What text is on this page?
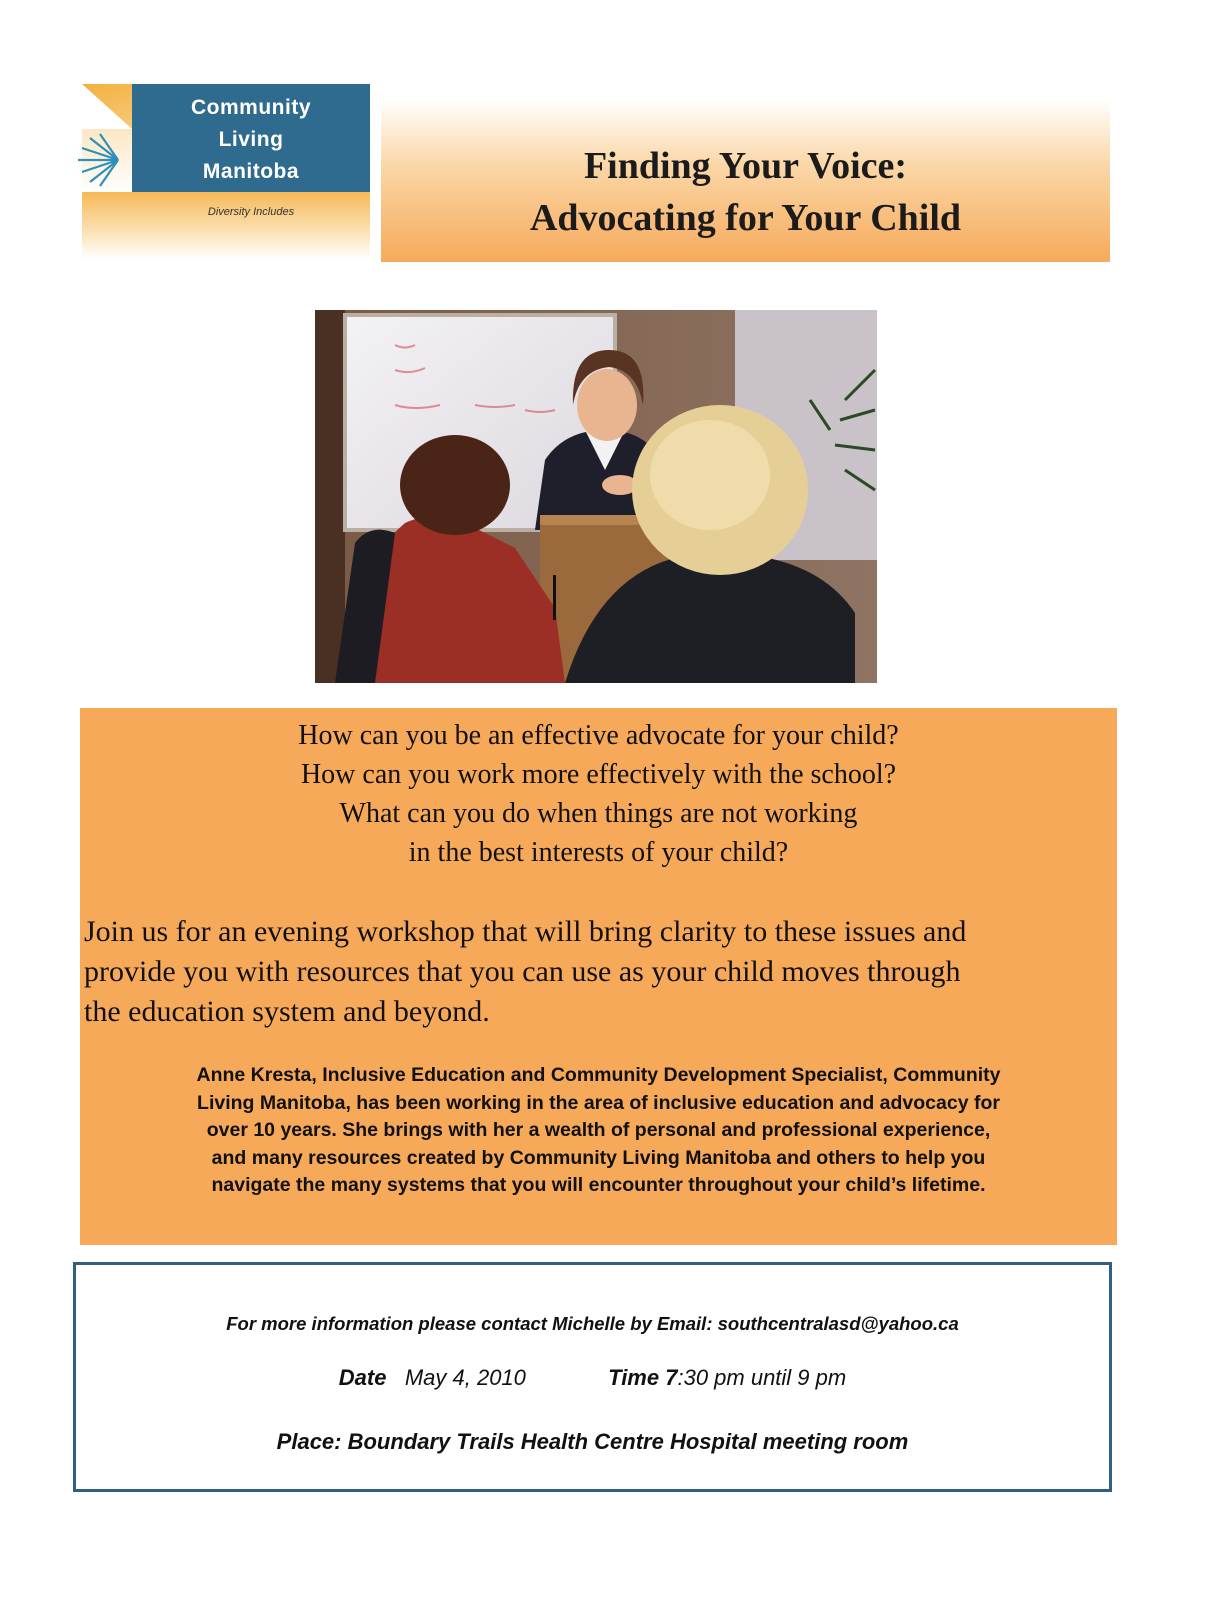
Community
Living
Manitoba
Diversity Includes
Finding Your Voice:
Advocating for Your Child
How can you be an effective advocate for your child?
How can you work more effectively with the school?
What can you do when things are not working
in the best interests of your child?
Join us for an evening workshop that will bring clarity to these issues and
provide you with resources that you can use as your child moves through
the education system and beyond.
Anne Kresta, Inclusive Education and Community Development Specialist, Community
Living Manitoba, has been working in the area of inclusive education and advocacy for
over 10 years. She brings with her a wealth of personal and professional experience,
and many resources created by Community Living Manitoba and others to help you
navigate the many systems that you will encounter throughout your child’s lifetime.
For more information please contact Michelle by Email: southcentralasd@yahoo.ca
Date May 4, 2010	Time 7:30 pm until 9 pm
Place: Boundary Trails Health Centre Hospital meeting room
